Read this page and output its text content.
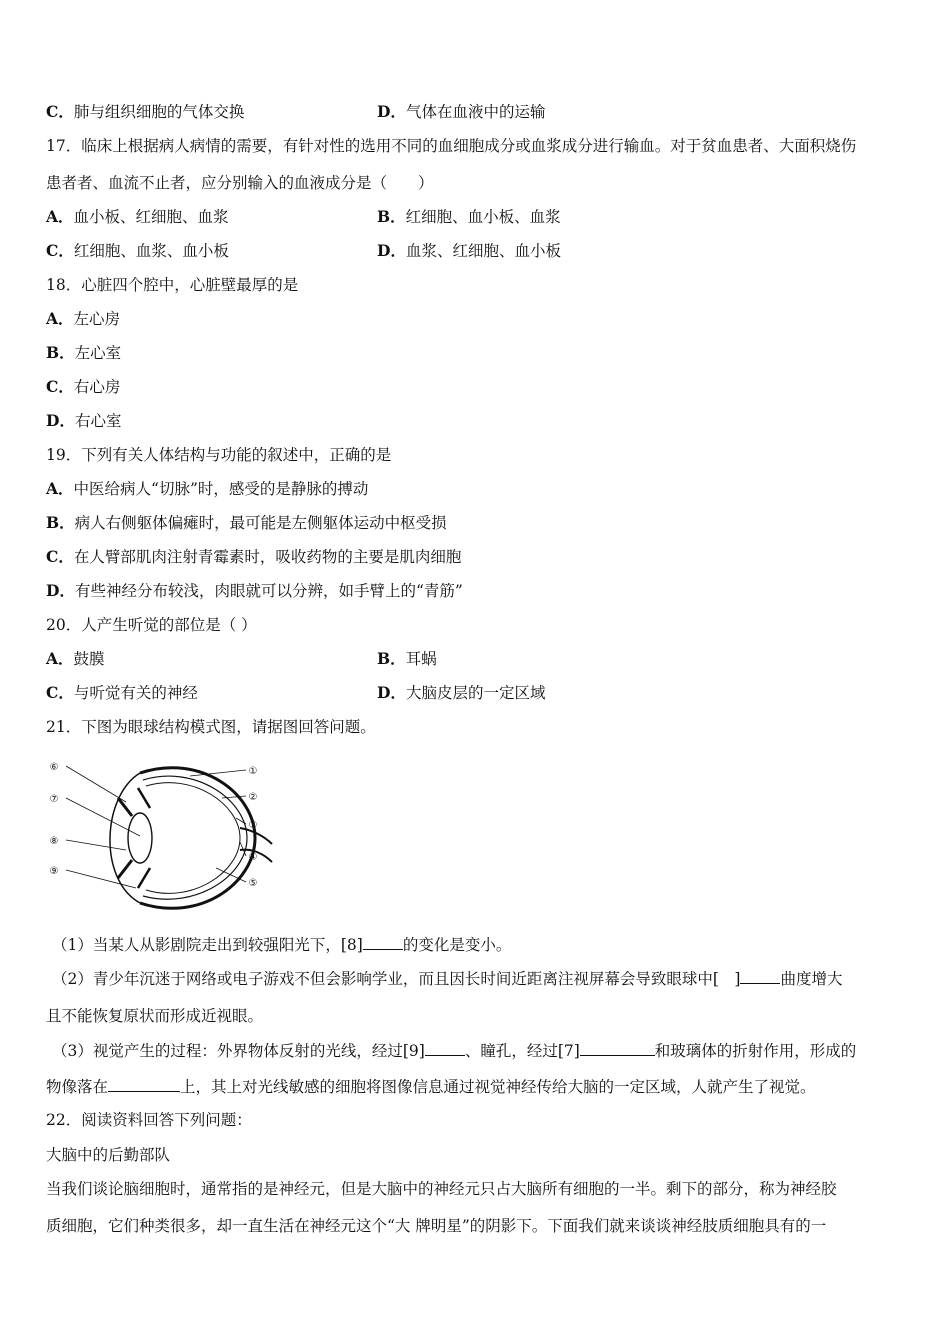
C．肺与组织细胞的气体交换	D．气体在血液中的运输
17．临床上根据病人病情的需要，有针对性的选用不同的血细胞成分或血浆成分进行输血。对于贫血患者、大面积烧伤
患者者、血流不止者，应分别输入的血液成分是（　　）
A．血小板、红细胞、血浆	B．红细胞、血小板、血浆
C．红细胞、血浆、血小板	D．血浆、红细胞、血小板
18．心脏四个腔中，心脏壁最厚的是
A．左心房
B．左心室
C．右心房
D．右心室
19．下列有关人体结构与功能的叙述中，正确的是
A．中医给病人“切脉”时，感受的是静脉的搏动
B．病人右侧躯体偏瘫时，最可能是左侧躯体运动中枢受损
C．在人臂部肌肉注射青霉素时，吸收药物的主要是肌肉细胞
D．有些神经分布较浅，肉眼就可以分辨，如手臂上的“青筋”
20．人产生听觉的部位是（ ）
A．鼓膜	B．耳蜗
C．与听觉有关的神经	D．大脑皮层的一定区域
21．下图为眼球结构模式图，请据图回答问题。
①
②
③
④
⑤
⑥
⑦
⑧
⑨
（1）当某人从影剧院走出到较强阳光下，[8]	的变化是变小。
（2）青少年沉迷于网络或电子游戏不但会影响学业，而且因长时间近距离注视屏幕会导致眼球中[　]	曲度增大
且不能恢复原状而形成近视眼。
（3）视觉产生的过程：外界物体反射的光线，经过[9]	、瞳孔，经过[7]	和玻璃体的折射作用，形成的
物像落在	上，其上对光线敏感的细胞将图像信息通过视觉神经传给大脑的一定区域，人就产生了视觉。
22．阅读资料回答下列问题：
大脑中的后勤部队
当我们谈论脑细胞时，通常指的是神经元，但是大脑中的神经元只占大脑所有细胞的一半。剩下的部分，称为神经胶
质细胞，它们种类很多，却一直生活在神经元这个“大 牌明星”的阴影下。下面我们就来谈谈神经肢质细胞具有的一
